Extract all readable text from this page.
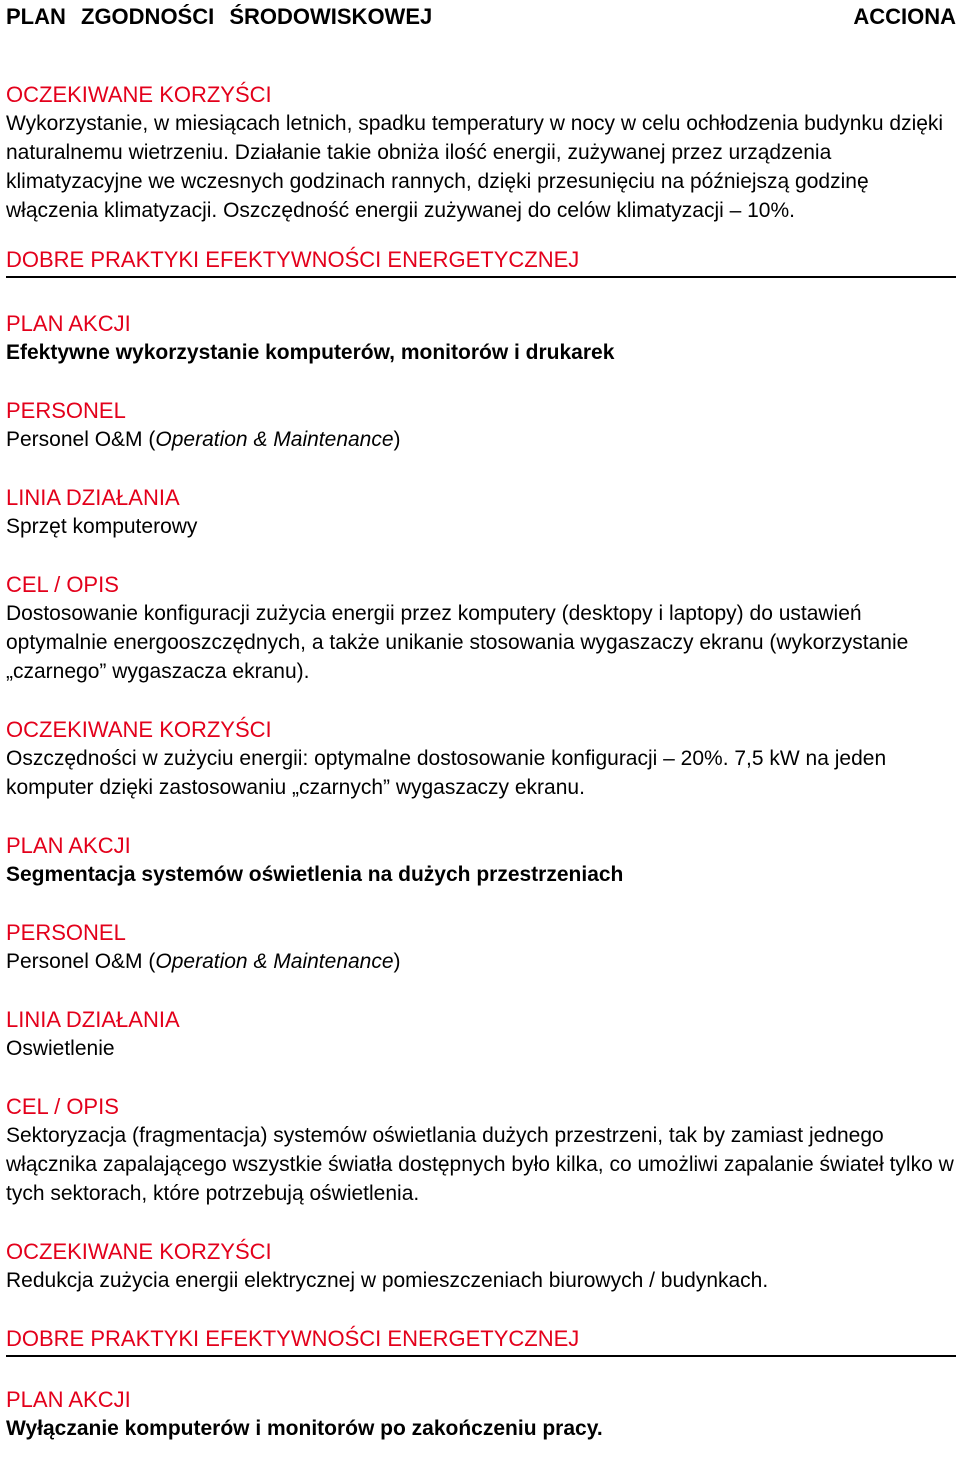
PLAN ZGODNOŚCI ŚRODOWISKOWEJ	ACCIONA
OCZEKIWANE KORZYŚCI
Wykorzystanie, w miesiącach letnich, spadku temperatury w nocy w celu ochłodzenia budynku dzięki naturalnemu wietrzeniu. Działanie takie obniża ilość energii, zużywanej przez urządzenia klimatyzacyjne we wczesnych godzinach rannych, dzięki przesunięciu na późniejszą godzinę włączenia klimatyzacji. Oszczędność energii zużywanej do celów klimatyzacji – 10%.
DOBRE PRAKTYKI EFEKTYWNOŚCI ENERGETYCZNEJ
PLAN AKCJI
Efektywne wykorzystanie komputerów, monitorów i drukarek
PERSONEL
Personel O&M (Operation & Maintenance)
LINIA DZIAŁANIA
Sprzęt komputerowy
CEL / OPIS
Dostosowanie konfiguracji zużycia energii przez komputery (desktopy i laptopy) do ustawień optymalnie energooszczędnych, a także unikanie stosowania wygaszaczy ekranu (wykorzystanie „czarnego” wygaszacza ekranu).
OCZEKIWANE KORZYŚCI
Oszczędności w zużyciu energii: optymalne dostosowanie konfiguracji – 20%. 7,5 kW na jeden komputer dzięki zastosowaniu „czarnych” wygaszaczy ekranu.
PLAN AKCJI
Segmentacja systemów oświetlenia na dużych przestrzeniach
PERSONEL
Personel O&M (Operation & Maintenance)
LINIA DZIAŁANIA
Oswietlenie
CEL / OPIS
Sektoryzacja (fragmentacja) systemów oświetlania dużych przestrzeni, tak by zamiast jednego włącznika zapalającego wszystkie światła dostępnych było kilka, co umożliwi zapalanie świateł tylko w tych sektorach, które potrzebują oświetlenia.
OCZEKIWANE KORZYŚCI
Redukcja zużycia energii elektrycznej w pomieszczeniach biurowych / budynkach.
DOBRE PRAKTYKI EFEKTYWNOŚCI ENERGETYCZNEJ
PLAN AKCJI
Wyłączanie komputerów i monitorów po zakończeniu pracy.
